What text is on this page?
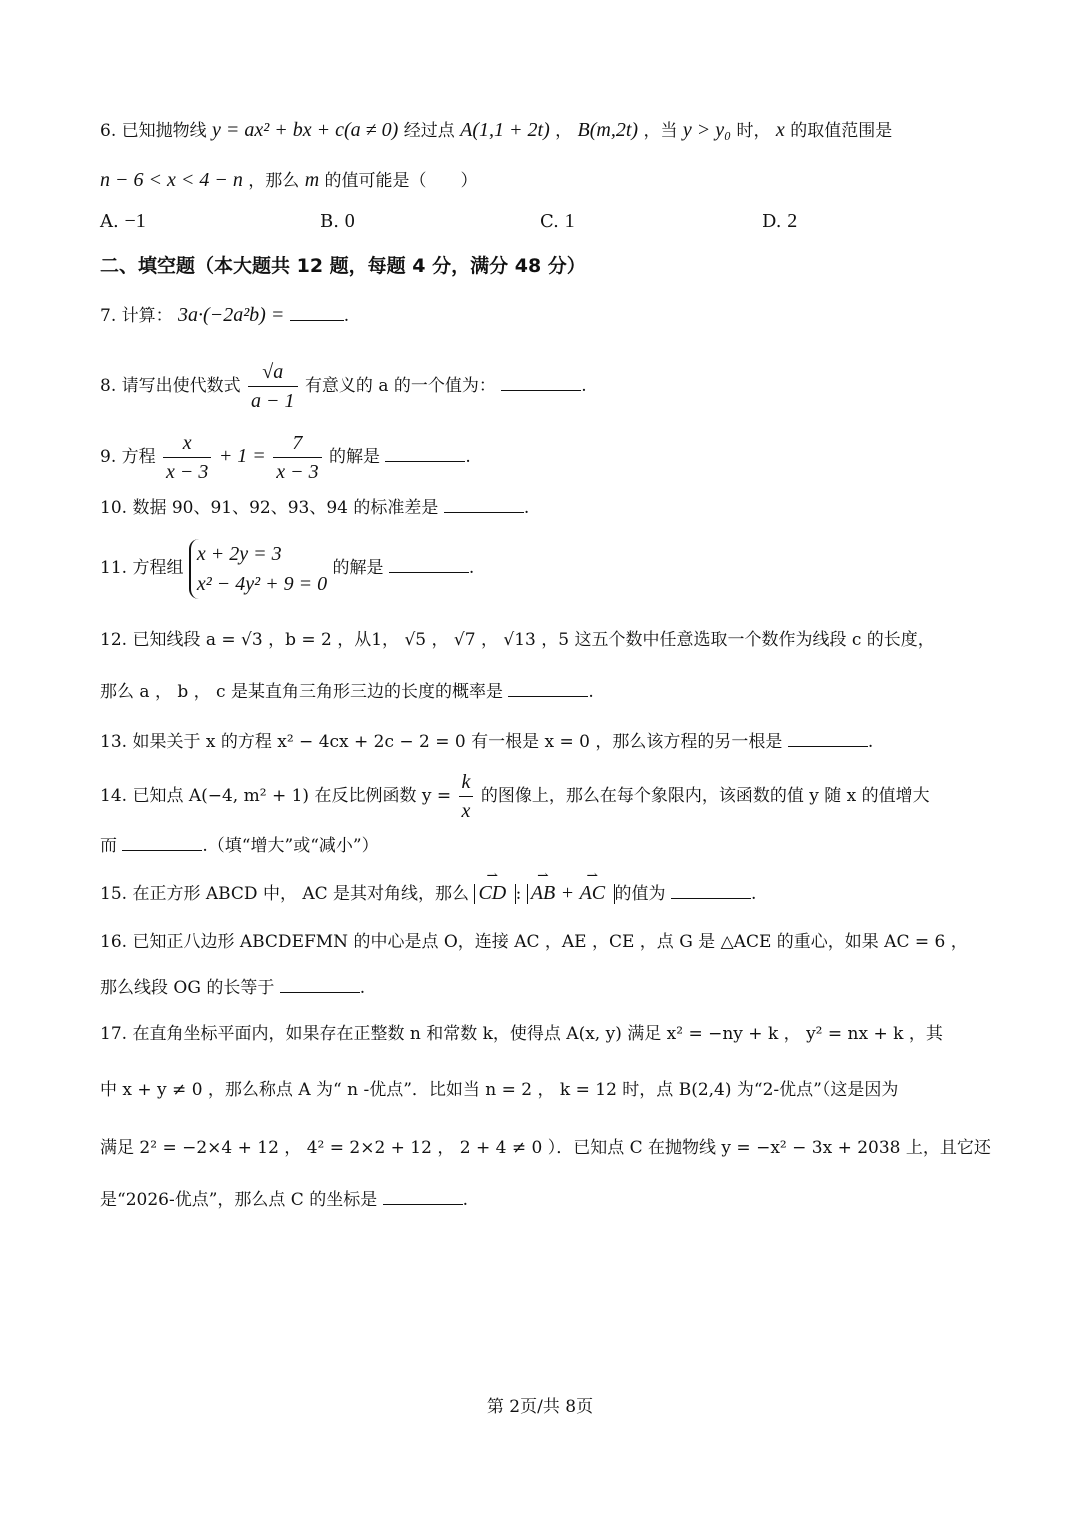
6. 已知抛物线 y = ax² + bx + c(a ≠ 0) 经过点 A(1,1 + 2t) ， B(m,2t) ，当 y > y₀ 时， x 的取值范围是
n − 6 < x < 4 − n ，那么 m 的值可能是（　　）
A. −1	B. 0	C. 1	D. 2
二、填空题（本大题共 12 题，每题 4 分，满分 48 分）
7. 计算： 3a·(−2a²b) =	.
8. 请写出使代数式 $\frac{√a}{a - 1}$ 有意义的 a 的一个值为：	.
9. 方程 $\frac{x}{x - 3} + 1 = \frac{7}{x - 3}$ 的解是	.
10. 数据 90、91、92、93、94 的标准差是	.
11. 方程组
x + 2y = 3
x² − 4y² + 9 = 0
的解是	.
12. 已知线段 a = √3 ，b = 2 ，从1， √5 ， √7 ， √13 ，5 这五个数中任意选取一个数作为线段 c 的长度，
那么 a ， b ， c 是某直角三角形三边的长度的概率是	.
13. 如果关于 x 的方程 x² − 4cx + 2c − 2 = 0 有一根是 x = 0 ，那么该方程的另一根是	.
14. 已知点 A(−4, m² + 1) 在反比例函数 $y = \frac{k}{x}$ 的图像上，那么在每个象限内，该函数的值 y 随 x 的值增大
而	.（填“增大”或“减小”）
15. 在正方形 ABCD 中， AC 是其对角线，那么 ⇀ CD : ⇀ AB + ⇀ AC 的值为	.
16. 已知正八边形 ABCDEFMN 的中心是点 O，连接 AC ，AE ，CE ，点 G 是 △ACE 的重心，如果 AC = 6 ，
那么线段 OG 的长等于	.
17. 在直角坐标平面内，如果存在正整数 n 和常数 k，使得点 A(x, y) 满足 x² = −ny + k ， y² = nx + k ，其
中 x + y ≠ 0 ，那么称点 A 为“ n -优点”．比如当 n = 2 ， k = 12 时，点 B(2,4) 为“2-优点”（这是因为
满足 2² = −2×4 + 12 ， 4² = 2×2 + 12 ， 2 + 4 ≠ 0 ）．已知点 C 在抛物线 y = −x² − 3x + 2038 上，且它还
是“2026-优点”，那么点 C 的坐标是	.
第 2页/共 8页
